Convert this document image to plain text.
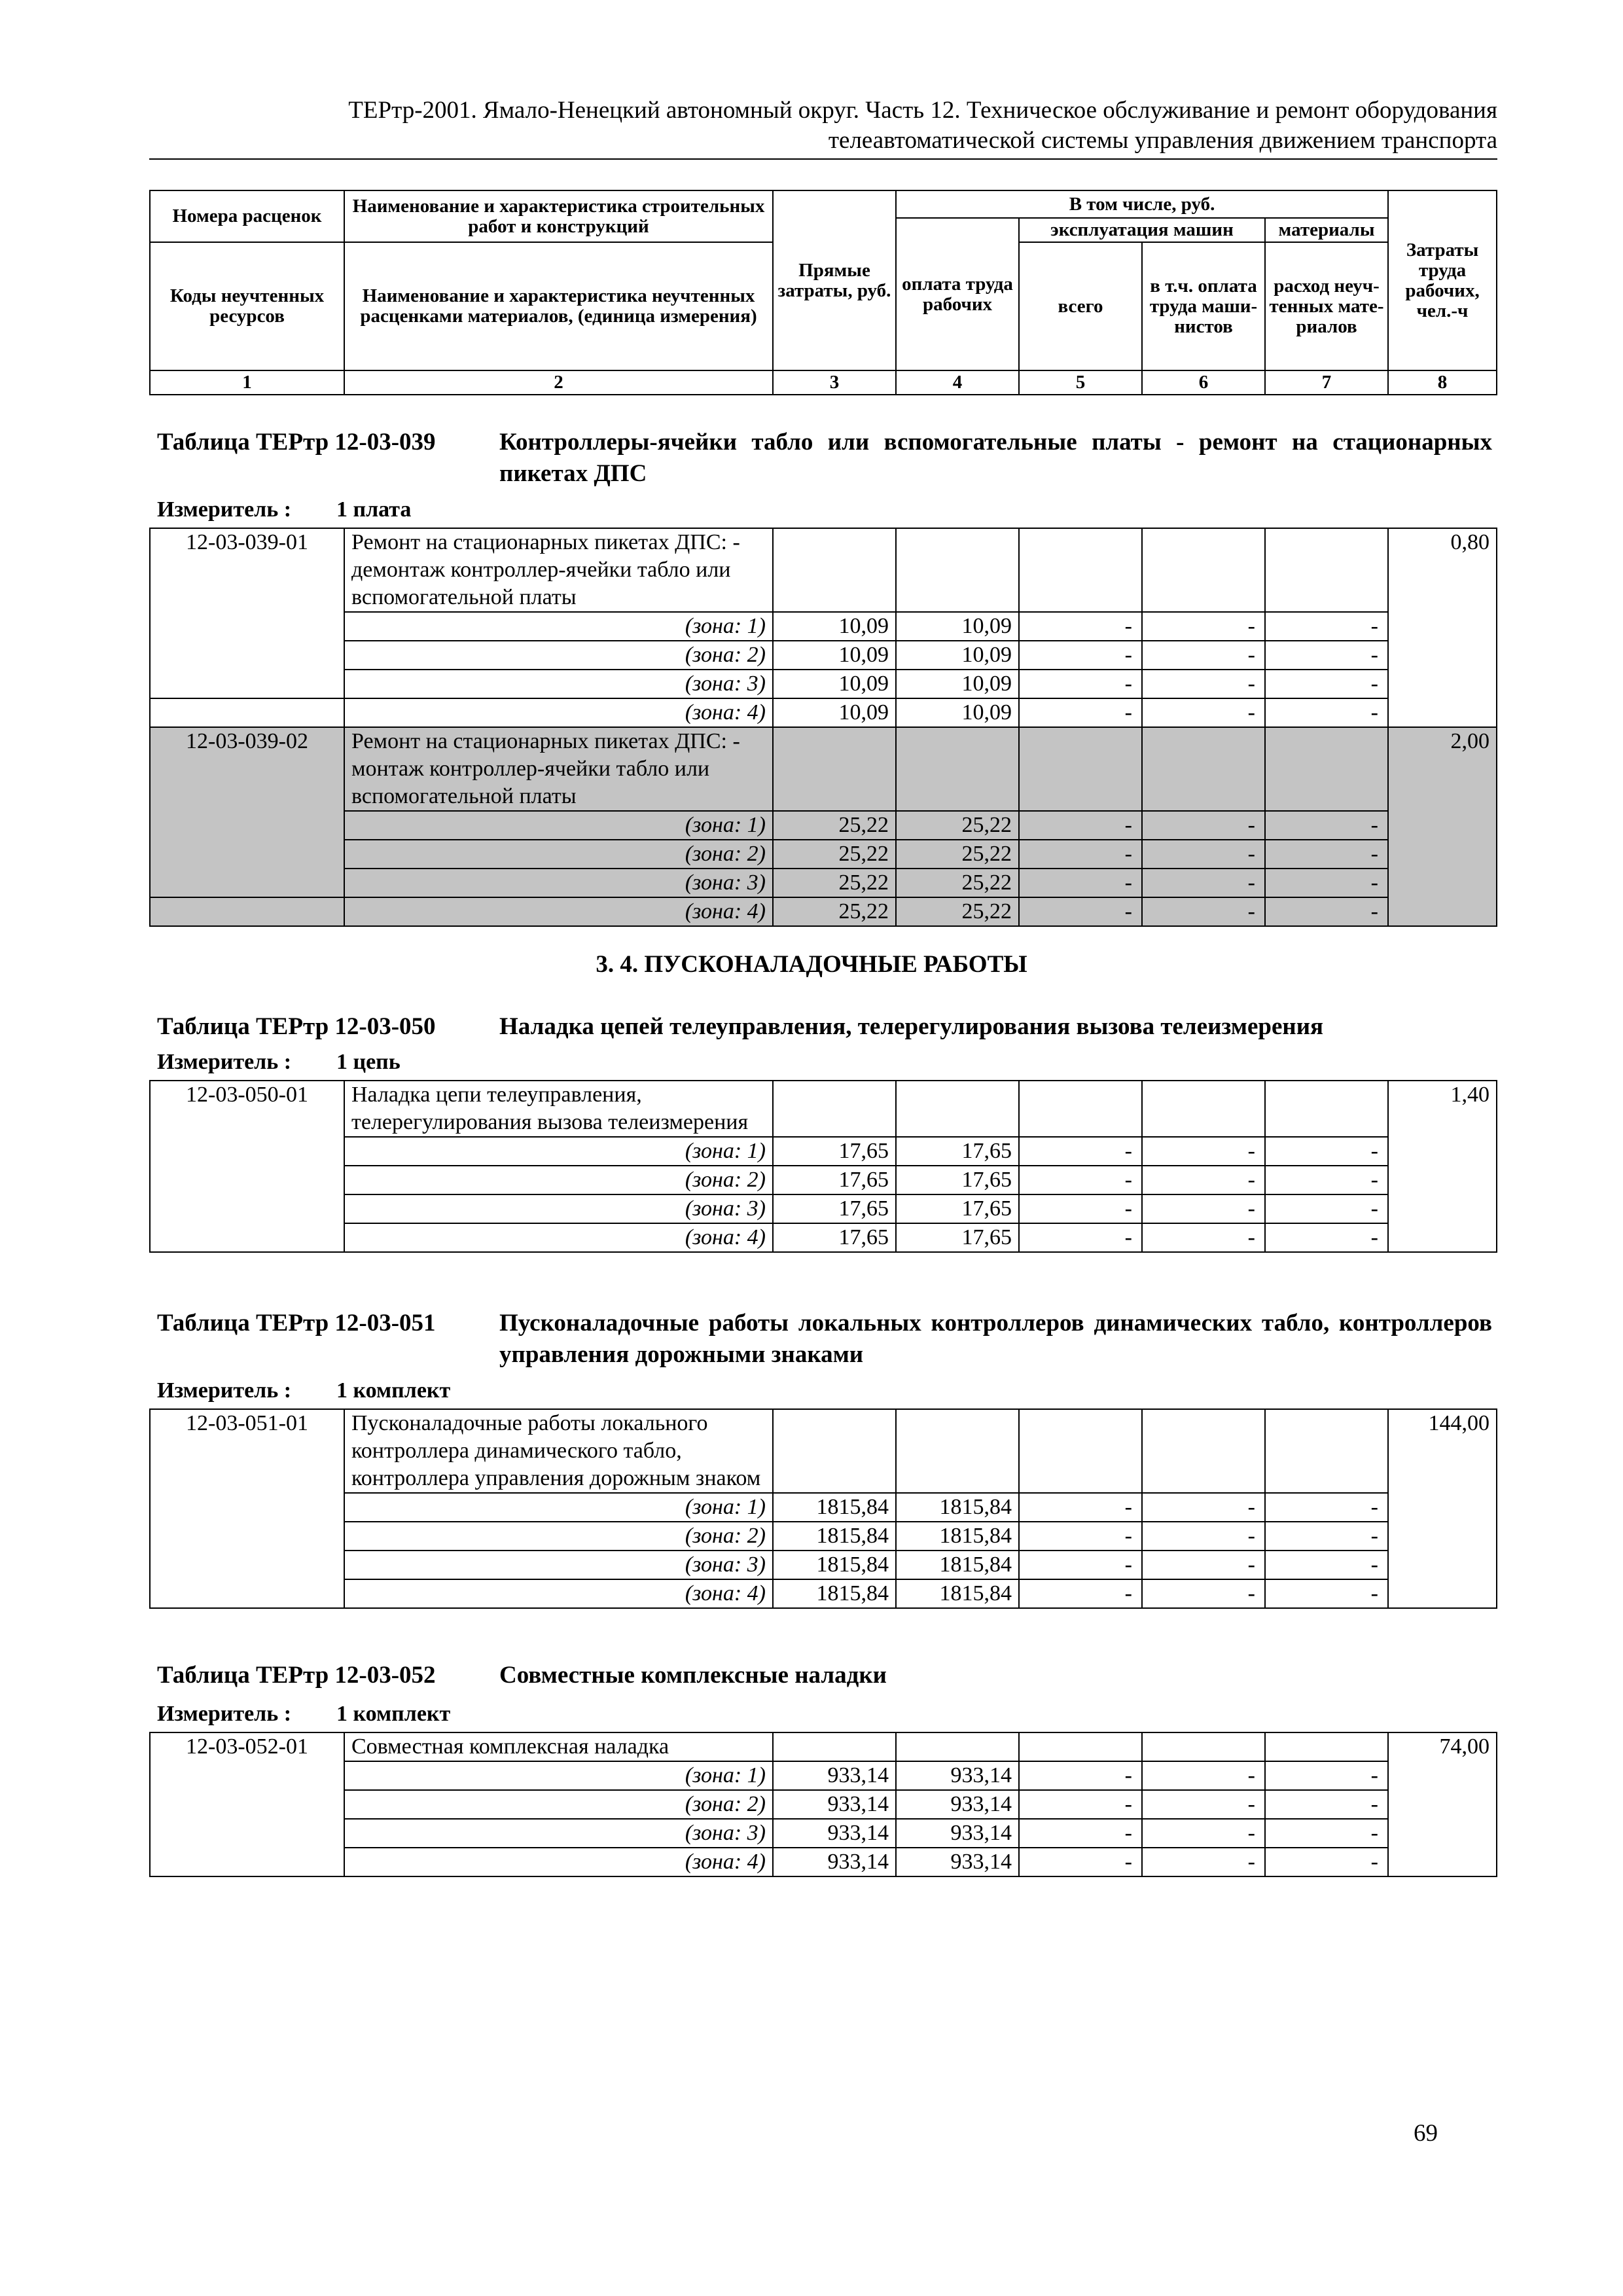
ТЕРтр-2001. Ямало-Ненецкий автономный округ. Часть 12. Техническое обслуживание и ремонт оборудования
телеавтоматической системы управления движением транспорта
Номера расценок	Наименование и характеристика строительных работ и конструкций	Прямые затраты, руб.	В том числе, руб.				Затраты труда рабочих, чел.-ч
			оплата труда рабочих	эксплуатация машин		материалы	
Коды неучтенных ресурсов	Наименование и характеристика неучтенных расценками материалов, (единица измерения)			всего	в т.ч. оплата труда маши-нистов	расход неуч-тенных мате-риалов	

1	2	3	4	5	6	7	8
Таблица ТЕРтр 12-03-039	Контроллеры-ячейки табло или вспомогательные платы - ремонт на стационарных пикетах ДПС
Измеритель : 1 плата
12-03-039-01	Ремонт на стационарных пикетах ДПС: - демонтаж контроллер-ячейки табло или вспомогательной платы						0,80
	(зона: 1)	10,09	10,09	-	-	-	
	(зона: 2)	10,09	10,09	-	-	-	
	(зона: 3)	10,09	10,09	-	-	-	
	(зона: 4)	10,09	10,09	-	-	-	
12-03-039-02	Ремонт на стационарных пикетах ДПС: - монтаж контроллер-ячейки табло или вспомогательной платы						2,00
	(зона: 1)	25,22	25,22	-	-	-	
	(зона: 2)	25,22	25,22	-	-	-	
	(зона: 3)	25,22	25,22	-	-	-	
	(зона: 4)	25,22	25,22	-	-	-	
3. 4. ПУСКОНАЛАДОЧНЫЕ РАБОТЫ
Таблица ТЕРтр 12-03-050	Наладка цепей телеуправления, телерегулирования вызова телеизмерения
Измеритель : 1 цепь
12-03-050-01	Наладка цепи телеуправления, телерегулирования вызова телеизмерения						1,40
	(зона: 1)	17,65	17,65	-	-	-	
	(зона: 2)	17,65	17,65	-	-	-	
	(зона: 3)	17,65	17,65	-	-	-	
	(зона: 4)	17,65	17,65	-	-	-	
Таблица ТЕРтр 12-03-051	Пусконаладочные работы локальных контроллеров динамических табло, контроллеров управления дорожными знаками
Измеритель : 1 комплект
12-03-051-01	Пусконаладочные работы локального контроллера динамического табло, контроллера управления дорожным знаком						144,00
	(зона: 1)	1815,84	1815,84	-	-	-	
	(зона: 2)	1815,84	1815,84	-	-	-	
	(зона: 3)	1815,84	1815,84	-	-	-	
	(зона: 4)	1815,84	1815,84	-	-	-	
Таблица ТЕРтр 12-03-052	Совместные комплексные наладки
Измеритель : 1 комплект
12-03-052-01	Совместная комплексная наладка						74,00
	(зона: 1)	933,14	933,14	-	-	-	
	(зона: 2)	933,14	933,14	-	-	-	
	(зона: 3)	933,14	933,14	-	-	-	
	(зона: 4)	933,14	933,14	-	-	-	
69
